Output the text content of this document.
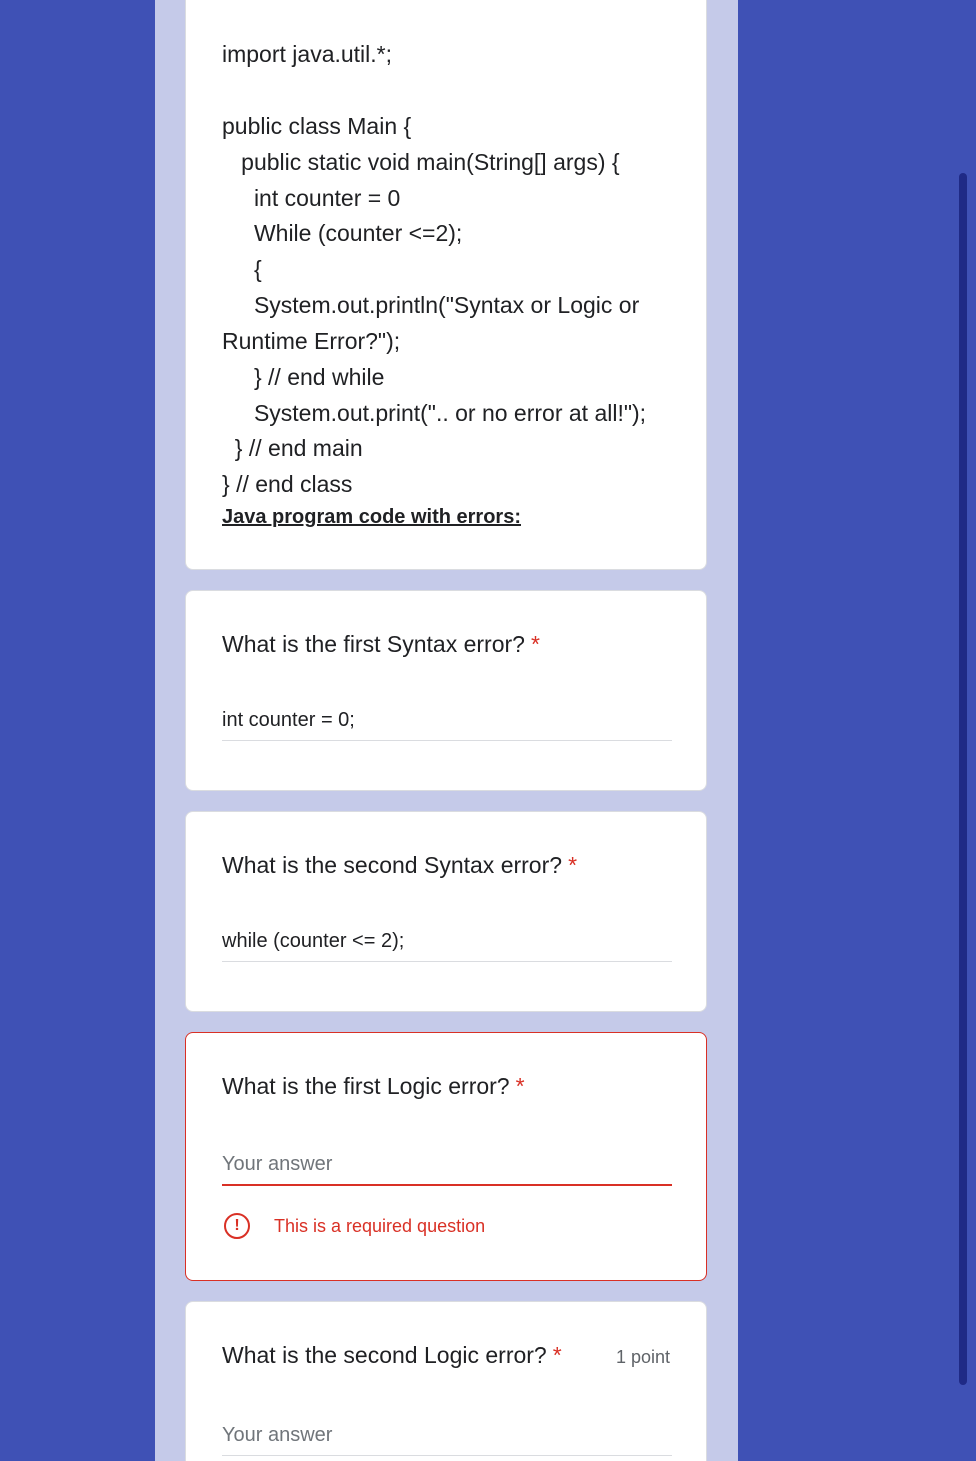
import java.util.*;
public class Main {
public static void main(String[] args) {
int counter = 0
While (counter <=2);
{
System.out.println("Syntax or Logic or
Runtime Error?");
} // end while
System.out.print(".. or no error at all!");
} // end main
} // end class
Java program code with errors:
What is the first Syntax error? *
int counter = 0;
What is the second Syntax error? *
while (counter <= 2);
What is the first Logic error? *
Your answer
!	This is a required question
What is the second Logic error? *	1 point
Your answer
